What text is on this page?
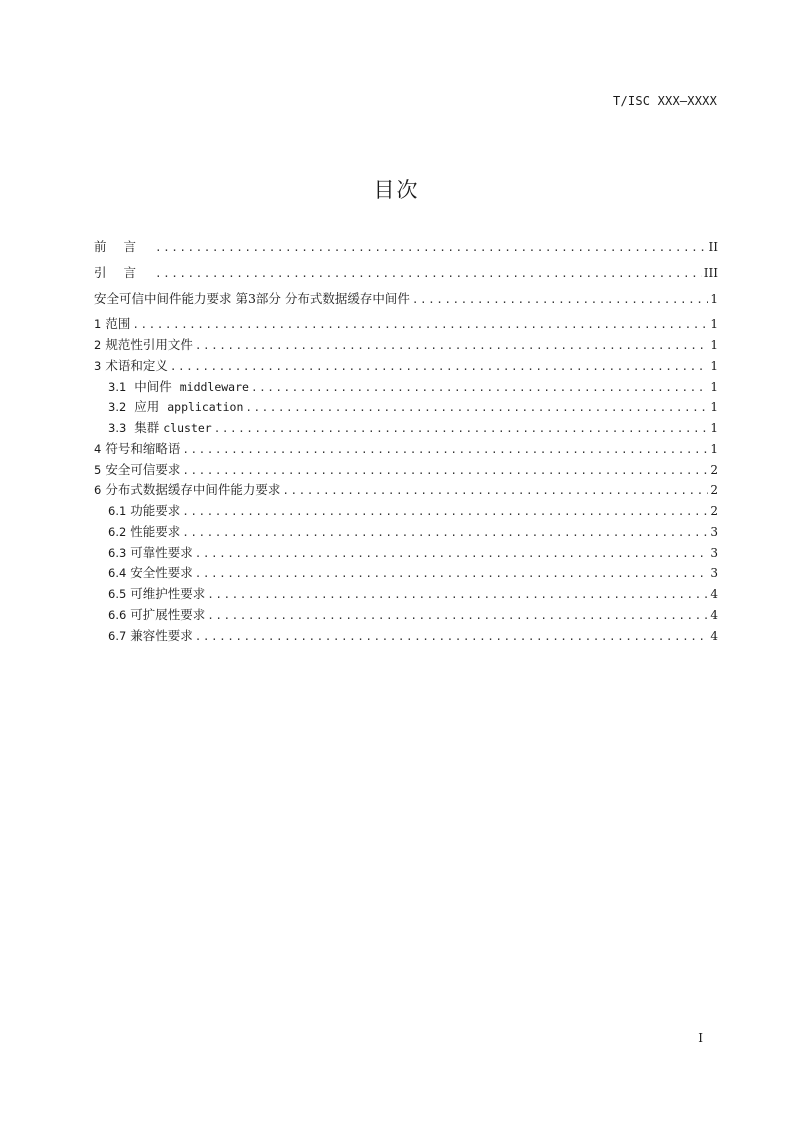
T/ISC XXX—XXXX
目次
前言 .....	II
引言 .....	III
安全可信中间件能力要求 第3部分 分布式数据缓存中间件 .....	1
1 范围 .....	1
2 规范性引用文件 .....	1
3 术语和定义 .....	1
3.1 中间件 middleware .....	1
3.2 应用 application .....	1
3.3 集群 cluster .....	1
4 符号和缩略语 .....	1
5 安全可信要求 .....	2
6 分布式数据缓存中间件能力要求 .....	2
6.1 功能要求 .....	2
6.2 性能要求 .....	3
6.3 可靠性要求 .....	3
6.4 安全性要求 .....	3
6.5 可维护性要求 .....	4
6.6 可扩展性要求 .....	4
6.7 兼容性要求 .....	4
I
